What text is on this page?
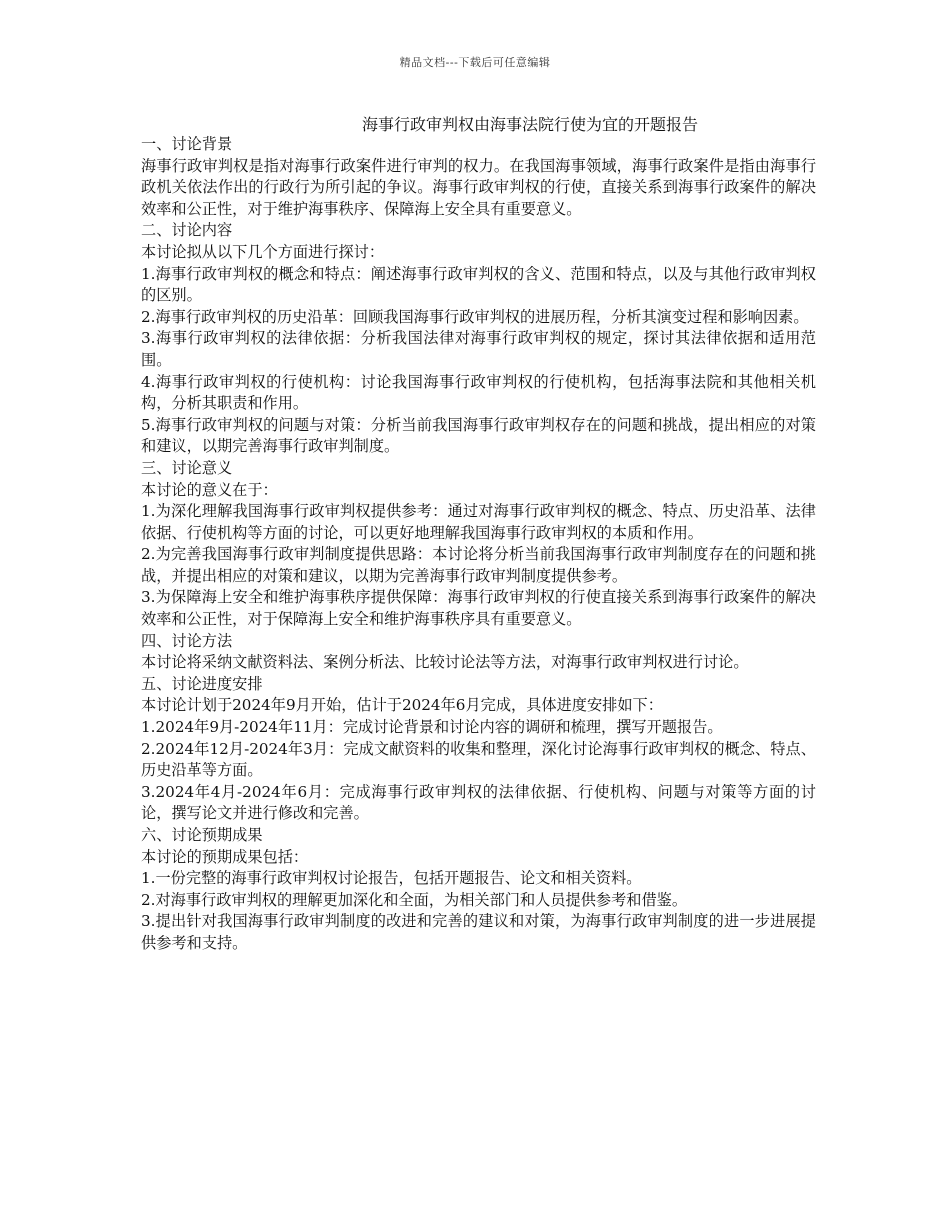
精品文档---下载后可任意编辑
海事行政审判权由海事法院行使为宜的开题报告

一、讨论背景

海事行政审判权是指对海事行政案件进行审判的权力。在我国海事领域，海事行政案件是指由海事行政机关依法作出的行政行为所引起的争议。海事行政审判权的行使，直接关系到海事行政案件的解决效率和公正性，对于维护海事秩序、保障海上安全具有重要意义。

二、讨论内容

本讨论拟从以下几个方面进行探讨：

1.海事行政审判权的概念和特点：阐述海事行政审判权的含义、范围和特点，以及与其他行政审判权的区别。

2.海事行政审判权的历史沿革：回顾我国海事行政审判权的进展历程，分析其演变过程和影响因素。

3.海事行政审判权的法律依据：分析我国法律对海事行政审判权的规定，探讨其法律依据和适用范围。

4.海事行政审判权的行使机构：讨论我国海事行政审判权的行使机构，包括海事法院和其他相关机构，分析其职责和作用。

5.海事行政审判权的问题与对策：分析当前我国海事行政审判权存在的问题和挑战，提出相应的对策和建议，以期完善海事行政审判制度。

三、讨论意义

本讨论的意义在于：

1.为深化理解我国海事行政审判权提供参考：通过对海事行政审判权的概念、特点、历史沿革、法律依据、行使机构等方面的讨论，可以更好地理解我国海事行政审判权的本质和作用。

2.为完善我国海事行政审判制度提供思路：本讨论将分析当前我国海事行政审判制度存在的问题和挑战，并提出相应的对策和建议，以期为完善海事行政审判制度提供参考。

3.为保障海上安全和维护海事秩序提供保障：海事行政审判权的行使直接关系到海事行政案件的解决效率和公正性，对于保障海上安全和维护海事秩序具有重要意义。

四、讨论方法

本讨论将采纳文献资料法、案例分析法、比较讨论法等方法，对海事行政审判权进行讨论。

五、讨论进度安排

本讨论计划于2024年9月开始，估计于2024年6月完成，具体进度安排如下：

1.2024年9月-2024年11月：完成讨论背景和讨论内容的调研和梳理，撰写开题报告。

2.2024年12月-2024年3月：完成文献资料的收集和整理，深化讨论海事行政审判权的概念、特点、历史沿革等方面。

3.2024年4月-2024年6月：完成海事行政审判权的法律依据、行使机构、问题与对策等方面的讨论，撰写论文并进行修改和完善。

六、讨论预期成果

本讨论的预期成果包括：

1.一份完整的海事行政审判权讨论报告，包括开题报告、论文和相关资料。

2.对海事行政审判权的理解更加深化和全面，为相关部门和人员提供参考和借鉴。

3.提出针对我国海事行政审判制度的改进和完善的建议和对策，为海事行政审判制度的进一步进展提供参考和支持。
